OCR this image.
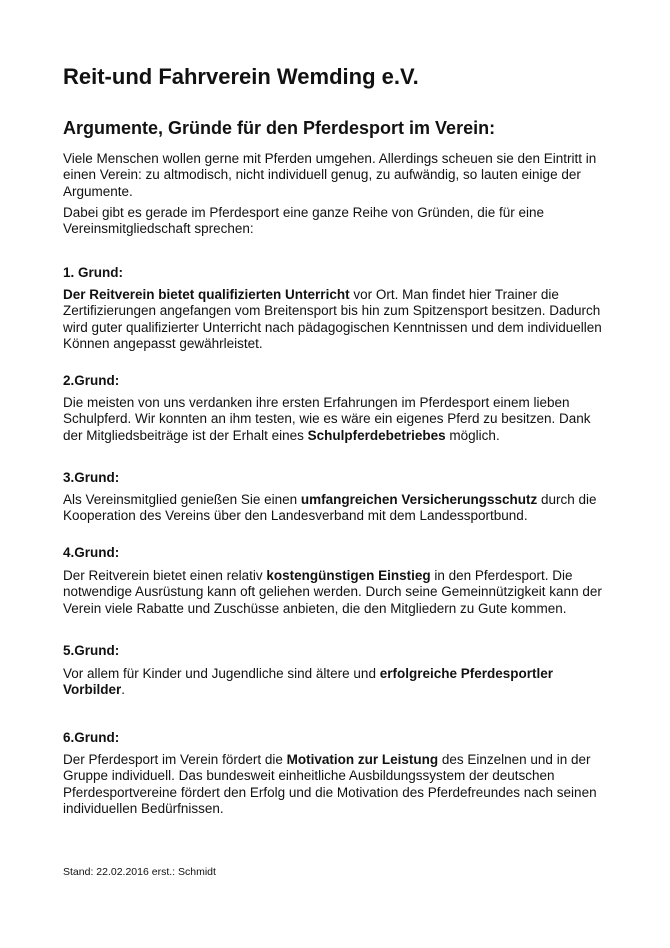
Reit-und Fahrverein Wemding e.V.
Argumente, Gründe für den Pferdesport im Verein:

Viele Menschen wollen gerne mit Pferden umgehen. Allerdings scheuen sie den Eintritt in einen Verein: zu altmodisch, nicht individuell genug, zu aufwändig, so lauten einige der Argumente.

Dabei gibt es gerade im Pferdesport eine ganze Reihe von Gründen, die für eine Vereinsmitgliedschaft sprechen:

1. Grund:

Der Reitverein bietet qualifizierten Unterricht vor Ort. Man findet hier Trainer die Zertifizierungen angefangen vom Breitensport bis hin zum Spitzensport besitzen. Dadurch wird guter qualifizierter Unterricht nach pädagogischen Kenntnissen und dem individuellen Können angepasst gewährleistet.

2.Grund:

Die meisten von uns verdanken ihre ersten Erfahrungen im Pferdesport einem lieben Schulpferd. Wir konnten an ihm testen, wie es wäre ein eigenes Pferd zu besitzen. Dank der Mitgliedsbeiträge ist der Erhalt eines Schulpferdebetriebes möglich.

3.Grund:

Als Vereinsmitglied genießen Sie einen umfangreichen Versicherungsschutz durch die Kooperation des Vereins über den Landesverband mit dem Landessportbund.

4.Grund:

Der Reitverein bietet einen relativ kostengünstigen Einstieg in den Pferdesport. Die notwendige Ausrüstung kann oft geliehen werden. Durch seine Gemeinnützigkeit kann der Verein viele Rabatte und Zuschüsse anbieten, die den Mitgliedern zu Gute kommen.

5.Grund:

Vor allem für Kinder und Jugendliche sind ältere und erfolgreiche Pferdesportler Vorbilder.

6.Grund:

Der Pferdesport im Verein fördert die Motivation zur Leistung des Einzelnen und in der Gruppe individuell. Das bundesweit einheitliche Ausbildungssystem der deutschen Pferdesportvereine fördert den Erfolg und die Motivation des Pferdefreundes nach seinen individuellen Bedürfnissen.

Stand: 22.02.2016 erst.: Schmidt
